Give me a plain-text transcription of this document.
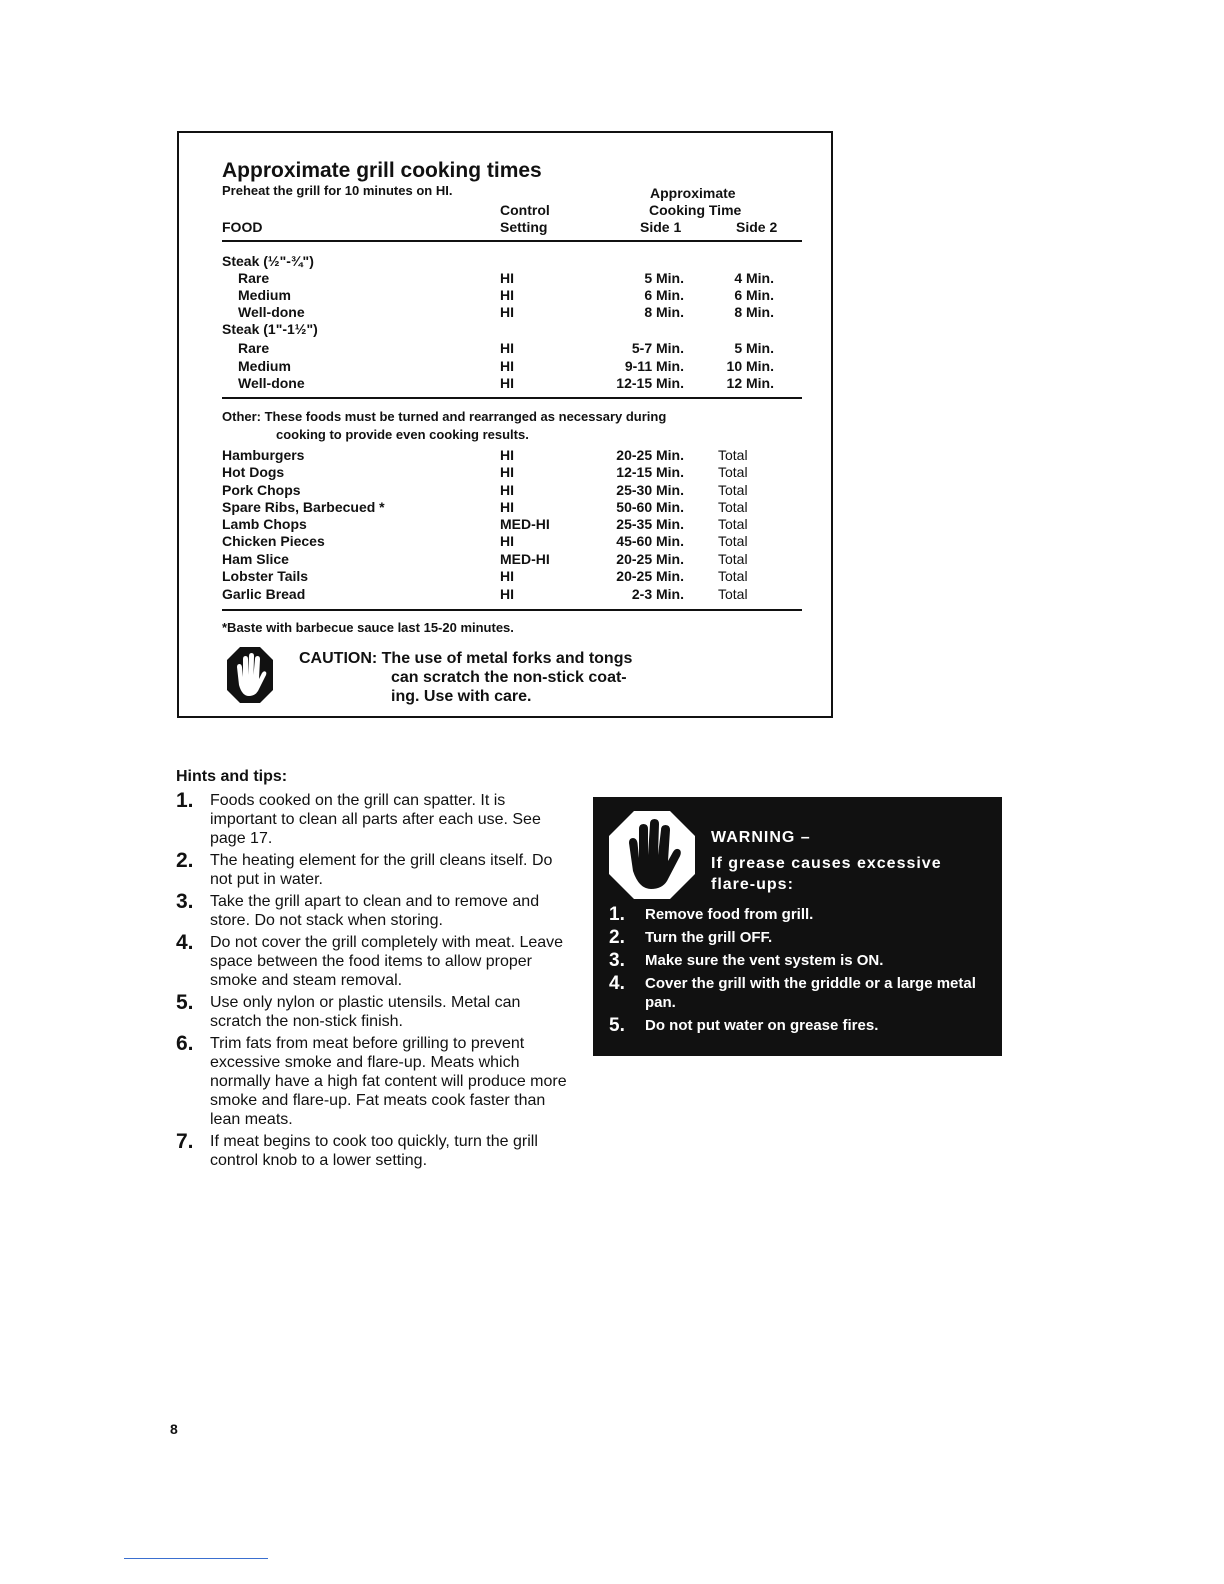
Approximate grill cooking times
Preheat the grill for 10 minutes on HI.
FOOD
Control
Setting
Approximate
Cooking Time
Side 1	Side 2
Steak (½"-¾")
Rare	HI	5 Min.	4 Min.
Medium	HI	6 Min.	6 Min.
Well-done	HI	8 Min.	8 Min.
Steak (1"-1½")
Rare	HI	5-7 Min.	5 Min.
Medium	HI	9-11 Min.	10 Min.
Well-done	HI	12-15 Min.	12 Min.
Other: These foods must be turned and rearranged as necessary during
cooking to provide even cooking results.
Hamburgers	HI	20-25 Min. Total
Hot Dogs	HI	12-15 Min. Total
Pork Chops	HI	25-30 Min. Total
Spare Ribs, Barbecued *	HI	50-60 Min. Total
Lamb Chops	MED-HI	25-35 Min. Total
Chicken Pieces	HI	45-60 Min. Total
Ham Slice	MED-HI	20-25 Min. Total
Lobster Tails	HI	20-25 Min. Total
Garlic Bread	HI	2-3 Min. Total
*Baste with barbecue sauce last 15-20 minutes.
CAUTION: The use of metal forks and tongs
can scratch the non-stick coat-
ing. Use with care.
Hints and tips:
1. Foods cooked on the grill can spatter. It is important to clean all parts after each use. See page 17.
2. The heating element for the grill cleans itself. Do not put in water.
3. Take the grill apart to clean and to remove and store. Do not stack when storing.
4. Do not cover the grill completely with meat. Leave space between the food items to allow proper smoke and steam removal.
5. Use only nylon or plastic utensils. Metal can scratch the non-stick finish.
6. Trim fats from meat before grilling to prevent excessive smoke and flare-up. Meats which normally have a high fat content will produce more smoke and flare-up. Fat meats cook faster than lean meats.
7. If meat begins to cook too quickly, turn the grill control knob to a lower setting.
WARNING –
If grease causes excessive flare-ups:
1. Remove food from grill.
2. Turn the grill OFF.
3. Make sure the vent system is ON.
4. Cover the grill with the griddle or a large metal pan.
5. Do not put water on grease fires.
8
